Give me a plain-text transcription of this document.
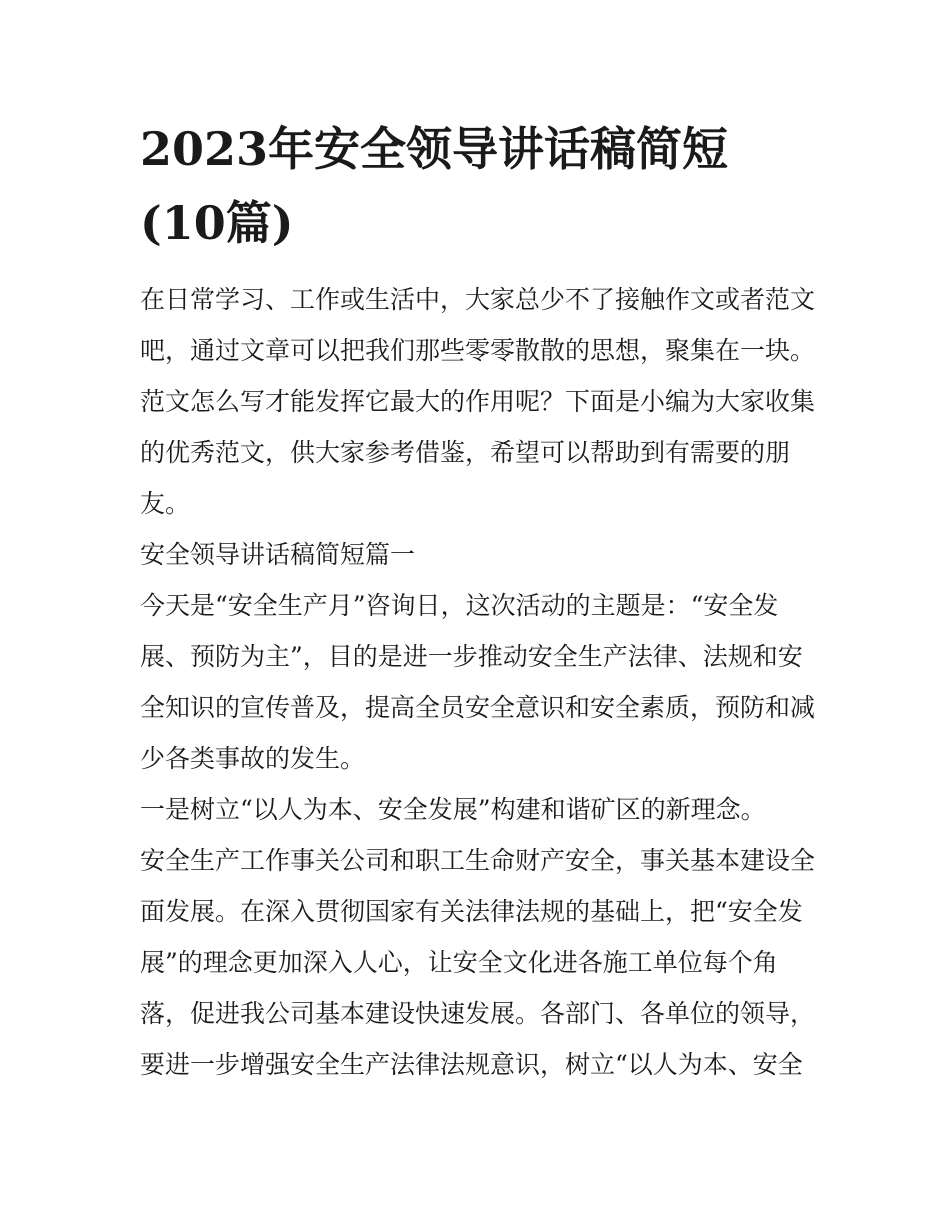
2023年安全领导讲话稿简短
(10篇)

在日常学习、工作或生活中，大家总少不了接触作文或者范文
吧，通过文章可以把我们那些零零散散的思想，聚集在一块。
范文怎么写才能发挥它最大的作用呢？下面是小编为大家收集
的优秀范文，供大家参考借鉴，希望可以帮助到有需要的朋
友。

安全领导讲话稿简短篇一

今天是“安全生产月”咨询日，这次活动的主题是：“安全发
展、预防为主”，目的是进一步推动安全生产法律、法规和安
全知识的宣传普及，提高全员安全意识和安全素质，预防和减
少各类事故的发生。

一是树立“以人为本、安全发展”构建和谐矿区的新理念。

安全生产工作事关公司和职工生命财产安全，事关基本建设全
面发展。在深入贯彻国家有关法律法规的基础上，把“安全发
展”的理念更加深入人心，让安全文化进各施工单位每个角
落，促进我公司基本建设快速发展。各部门、各单位的领导，
要进一步增强安全生产法律法规意识，树立“以人为本、安全
